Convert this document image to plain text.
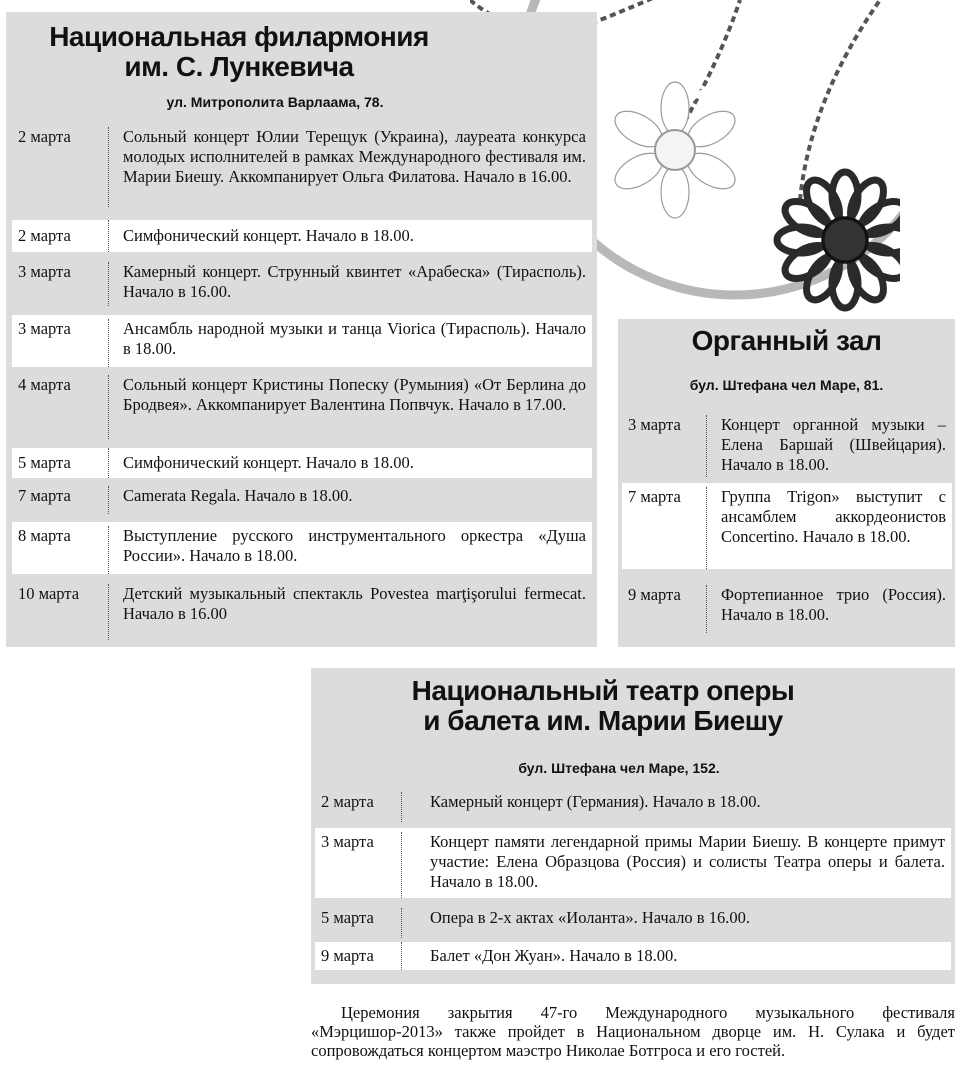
Национальная филармония
им. С. Лункевича
ул. Митрополита Варлаама, 78.
2 марта	Сольный концерт Юлии Терещук (Украина), лауреата конкурса молодых исполнителей в рамках Международного фестиваля им. Марии Биешу. Аккомпанирует Ольга Филатова. Начало в 16.00.
2 марта	Симфонический концерт. Начало в 18.00.
3 марта	Камерный концерт. Струнный квинтет «Арабеска» (Тирасполь). Начало в 16.00.
3 марта	Ансамбль народной музыки и танца Viorica (Тирасполь). Начало в 18.00.
4 марта	Сольный концерт Кристины Попеску (Румыния) «От Берлина до Бродвея». Аккомпанирует Валентина Попвчук. Начало в 17.00.
5 марта	Симфонический концерт. Начало в 18.00.
7 марта	Camerata Regala. Начало в 18.00.
8 марта	Выступление русского инструментального оркестра «Душа России». Начало в 18.00.
10 марта	Детский музыкальный спектакль Povestea marţişorului fermecat. Начало в 16.00
Органный зал
бул. Штефана чел Маре, 81.
3 марта	Концерт органной музыки – Елена Баршай (Швейцария). Начало в 18.00.
7 марта	Группа Trigon» выступит с ансамблем аккордеонистов Concertino. Начало в 18.00.
9 марта	Фортепианное трио (Россия). Начало в 18.00.
Национальный театр оперы
и балета им. Марии Биешу
бул. Штефана чел Маре, 152.
2 марта	Камерный концерт (Германия). Начало в 18.00.
3 марта	Концерт памяти легендарной примы Марии Биешу. В концерте примут участие: Елена Образцова (Россия) и солисты Театра оперы и балета. Начало в 18.00.
5 марта	Опера в 2-х актах «Иоланта». Начало в 16.00.
9 марта	Балет «Дон Жуан». Начало в 18.00.
Церемония закрытия 47-го Международного музыкального фестиваля «Мэрцишор-2013» также пройдет в Национальном дворце им. Н. Сулака и будет сопровождаться концертом маэстро Николае Ботгроса и его гостей.
